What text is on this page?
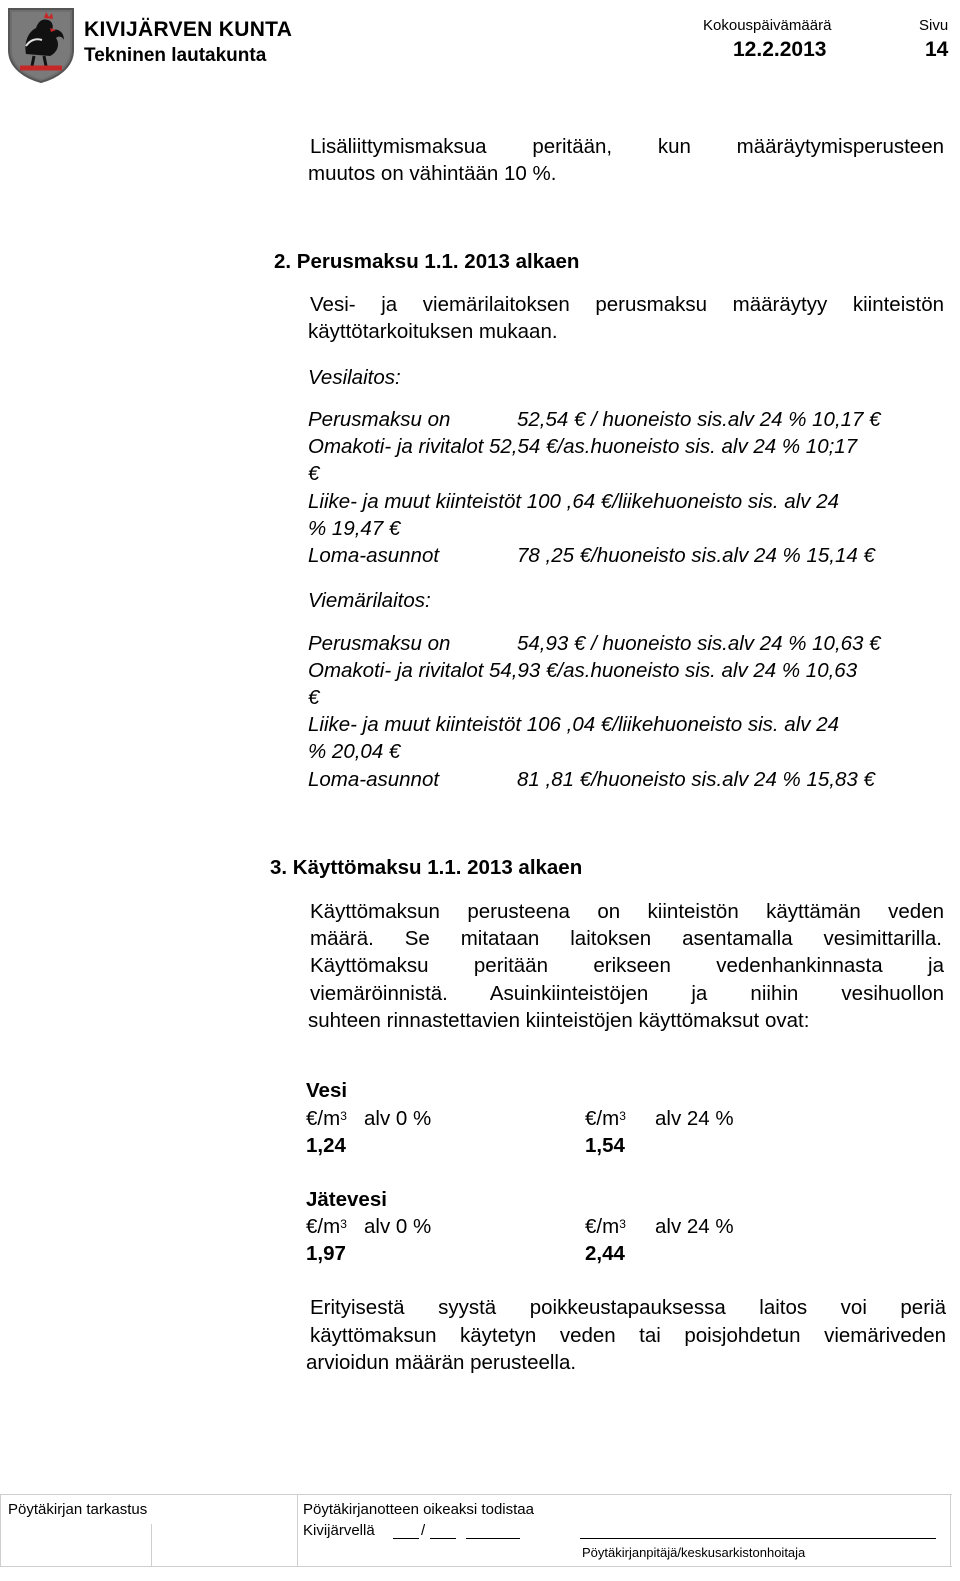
KIVIJÄRVEN KUNTA
Tekninen lautakunta
Kokouspäivämäärä
12.2.2013
Sivu
14
Lisäliittymismaksua peritään, kun määräytymisperusteen
muutos on vähintään 10 %.
2. Perusmaksu 1.1. 2013 alkaen
Vesi- ja viemärilaitoksen perusmaksu määräytyy kiinteistön
käyttötarkoituksen mukaan.
Vesilaitos:
Perusmaksu on	52,54 € / huoneisto sis.alv 24 % 10,17 €
Omakoti- ja rivitalot 52,54 €/as.huoneisto sis. alv 24 % 10;17
€
Liike- ja muut kiinteistöt 100 ,64 €/liikehuoneisto sis. alv 24
% 19,47 €
Loma-asunnot	78 ,25 €/huoneisto sis.alv 24 % 15,14 €
Viemärilaitos:
Perusmaksu on	54,93 € / huoneisto sis.alv 24 % 10,63 €
Omakoti- ja rivitalot 54,93 €/as.huoneisto sis. alv 24 % 10,63
€
Liike- ja muut kiinteistöt 106 ,04 €/liikehuoneisto sis. alv 24
% 20,04 €
Loma-asunnot	81 ,81 €/huoneisto sis.alv 24 % 15,83 €
3. Käyttömaksu 1.1. 2013 alkaen
Käyttömaksun perusteena on kiinteistön käyttämän veden
määrä. Se mitataan laitoksen asentamalla vesimittarilla.
Käyttömaksu peritään erikseen vedenhankinnasta ja
viemäröinnistä. Asuinkiinteistöjen ja niihin vesihuollon
suhteen rinnastettavien kiinteistöjen käyttömaksut ovat:
Vesi
$€/m^3$ alv 0 %	$€/m^3$ alv 24 %
1,24	1,54
Jätevesi
$€/m^3$ alv 0 %	$€/m^3$ alv 24 %
1,97	2,44
Erityisestä syystä poikkeustapauksessa laitos voi periä
käyttömaksun käytetyn veden tai poisjohdetun viemäriveden
arvioidun määrän perusteella.
Pöytäkirjan tarkastus	Pöytäkirjanotteen oikeaksi todistaa
Kivijärvellä	/
Pöytäkirjanpitäjä/keskusarkistonhoitaja
